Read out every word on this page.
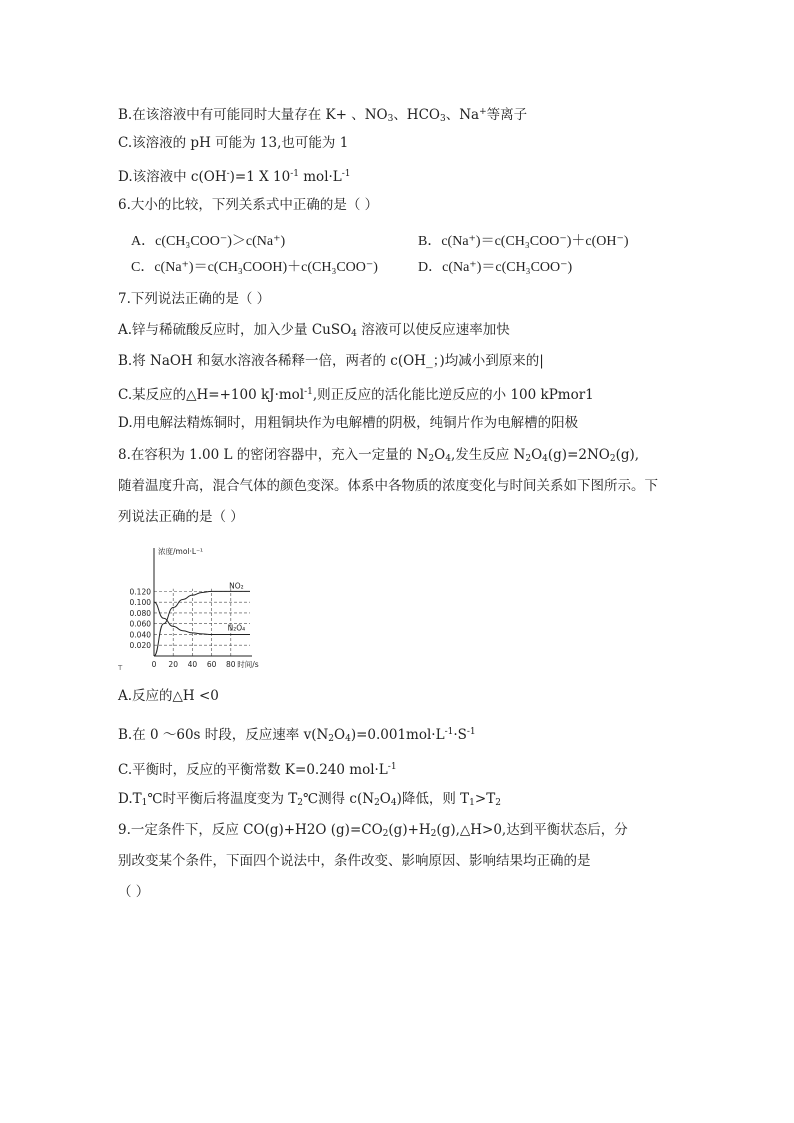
B.在该溶液中有可能同时大量存在 K+ 、$NO_3$、$HCO_3$、Na+等离子
C.该溶液的 pH 可能为 13,也可能为 1
D.该溶液中 c(OH-)=1 X $10^{-1}$ $mol\cdot L^{-1}$
6.大小的比较，下列关系式中正确的是（ ）
A．c(CH₃COO⁻)＞c(Na⁺)	B．c(Na⁺)＝c(CH₃COO⁻)＋c(OH⁻)
C．c(Na⁺)＝c(CH₃COOH)＋c(CH₃COO⁻)	D．c(Na⁺)＝c(CH₃COO⁻)
7.下列说法正确的是（ ）
A.锌与稀硫酸反应时，加入少量 CuSO$_4$ 溶液可以使反应速率加快
B.将 NaOH 和氨水溶液各稀释一倍，两者的 c(OH_；)均减小到原来的|
C.某反应的△H=+100 kJ·mol$^{-1}$,则正反应的活化能比逆反应的小 100 kPmor1
D.用电解法精炼铜时，用粗铜块作为电解槽的阴极，纯铜片作为电解槽的阳极
8.在容积为 1.00 L 的密闭容器中，充入一定量的 $N_2O_4$,发生反应 $N_2O_4(g)=2NO_2(g)$,
随着温度升高，混合气体的颜色变深。体系中各物质的浓度变化与时间关系如下图所示。下
列说法正确的是（ ）
0.020
0.040
0.060
0.080
0.100
0.120
0 20 40 60 80
浓度/mol·L⁻¹
时间/s
T
NO₂
N₂O₄
A.反应的△H <0
B.在 0 〜60s 时段，反应速率 $v(N_2O_4)=0.001mol\cdot L^{-1}\cdot S^{-1}$
C.平衡时，反应的平衡常数 K=0.240 $mol\cdot L^{-1}$
$D.T_1℃$时平衡后将温度变为 $T_2℃$测得 $c(N_2O_4)$降低，则 $T_1>T_2$
9.一定条件下，反应 CO(g)+H2O $(g)=CO_2(g)+H_2(g),\triangle H>0$,达到平衡状态后，分
别改变某个条件，下面四个说法中，条件改变、影响原因、影响结果均正确的是
（ ）
